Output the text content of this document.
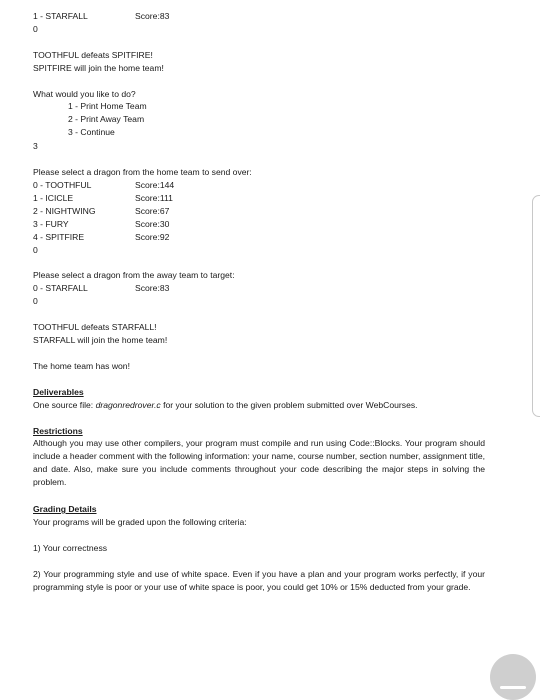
1 - STARFALL	Score:83
0
TOOTHFUL defeats SPITFIRE!
SPITFIRE will join the home team!
What would you like to do?
1 - Print Home Team
2 - Print Away Team
3 - Continue
3
Please select a dragon from the home team to send over:
0 - TOOTHFUL	Score:144
1 - ICICLE	Score:111
2 - NIGHTWING	Score:67
3 - FURY	Score:30
4 - SPITFIRE	Score:92
0
Please select a dragon from the away team to target:
0 - STARFALL	Score:83
0
TOOTHFUL defeats STARFALL!
STARFALL will join the home team!
The home team has won!
Deliverables
One source file: dragonredrover.c for your solution to the given problem submitted over WebCourses.
Restrictions
Although you may use other compilers, your program must compile and run using Code::Blocks. Your program should include a header comment with the following information: your name, course number, section number, assignment title, and date. Also, make sure you include comments throughout your code describing the major steps in solving the problem.
Grading Details
Your programs will be graded upon the following criteria:
1) Your correctness
2) Your programming style and use of white space. Even if you have a plan and your program works perfectly, if your programming style is poor or your use of white space is poor, you could get 10% or 15% deducted from your grade.
